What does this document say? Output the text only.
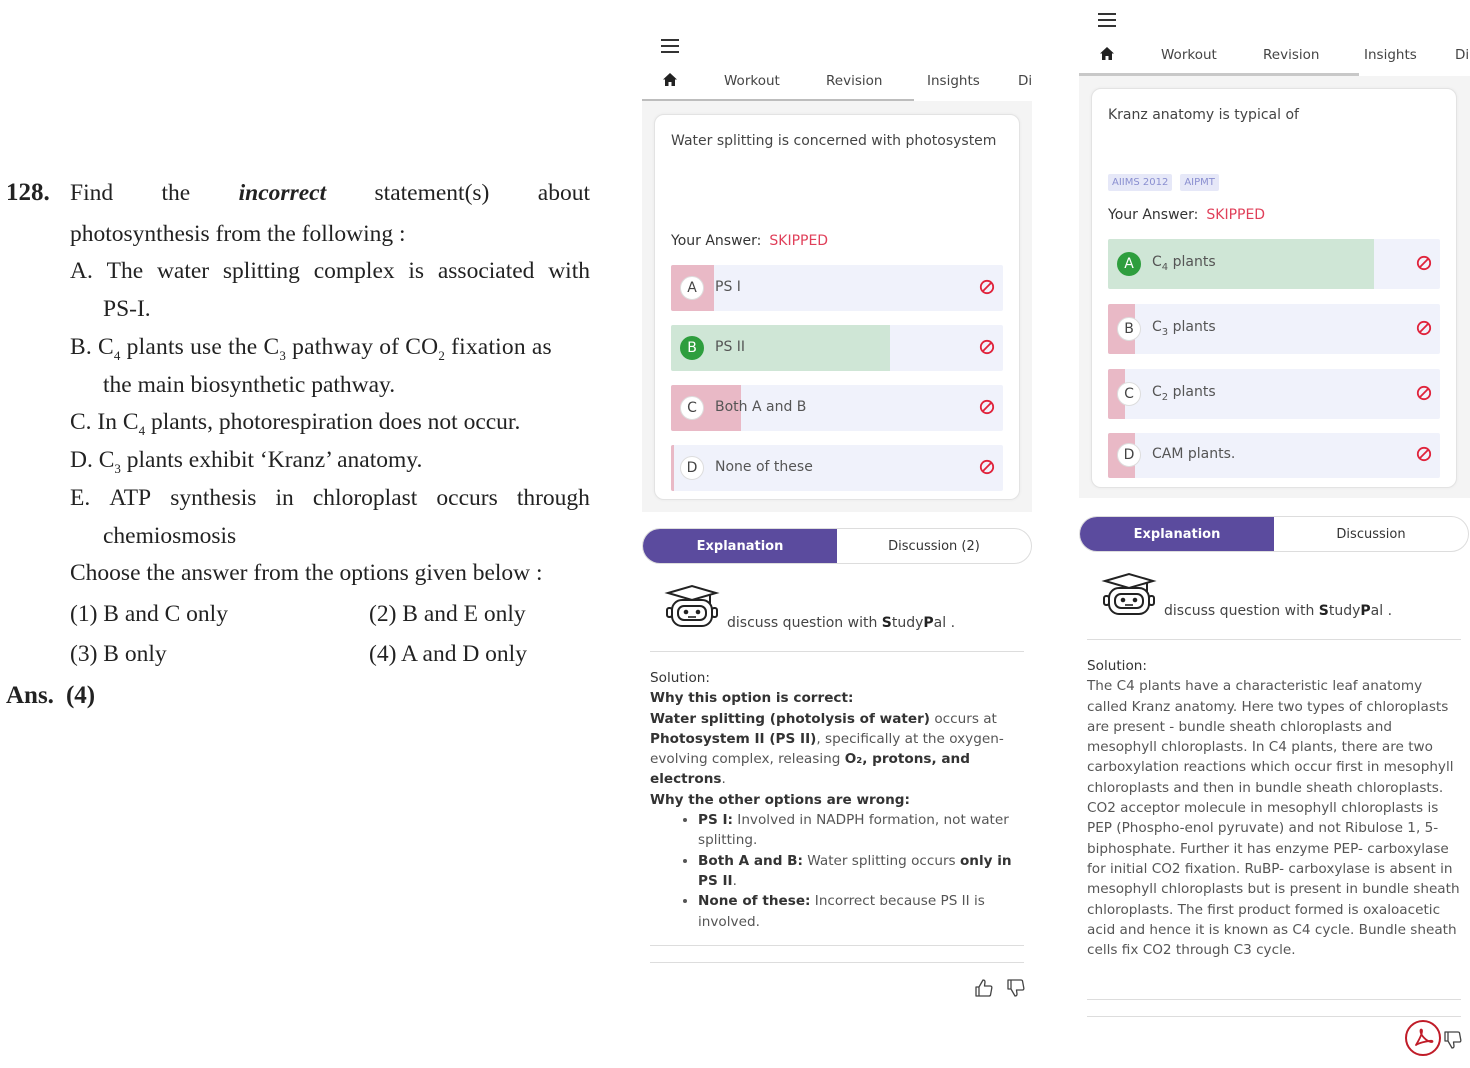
128. Find the incorrect statement(s) about
photosynthesis from the following :
A. The water splitting complex is associated with
PS-I.
B. $C_4$ plants use the $C_3$ pathway of $CO_2$ fixation as
the main biosynthetic pathway.
C. In $C_4$ plants, photorespiration does not occur.
D. $C_3$ plants exhibit ‘Kranz’ anatomy.
E. ATP synthesis in chloroplast occurs through
chemiosmosis
Choose the answer from the options given below :
(1) B and C only	(2) B and E only
(3) B only	(4) A and D only
Ans. (4)
Workout	Revision	Insights	Di
Water splitting is concerned with photosystem
Your Answer: SKIPPED
A	PS I
B	PS II
C	Both A and B
D	None of these
Explanation	Discussion (2)
discuss question with StudyPal .
Solution:
Why this option is correct:
Water splitting (photolysis of water) occurs at Photosystem II (PS II), specifically at the oxygen-evolving complex, releasing O₂, protons, and electrons.
Why the other options are wrong:
• PS I: Involved in NADPH formation, not water splitting.
• Both A and B: Water splitting occurs only in PS II.
• None of these: Incorrect because PS II is involved.
Workout	Revision	Insights	Di
Kranz anatomy is typical of
AIIMS 2012	AIPMT
Your Answer: SKIPPED
A	$C_4$ plants
B	$C_3$ plants
C	$C_2$ plants
D	CAM plants.
Explanation	Discussion
discuss question with StudyPal .
Solution:
The C4 plants have a characteristic leaf anatomy called Kranz anatomy. Here two types of chloroplasts are present - bundle sheath chloroplasts and mesophyll chloroplasts. In C4 plants, there are two carboxylation reactions which occur first in mesophyll chloroplasts and then in bundle sheath chloroplasts. CO2 acceptor molecule in mesophyll chloroplasts is PEP (Phospho-enol pyruvate) and not Ribulose 1, 5-biphosphate. Further it has enzyme PEP- carboxylase for initial CO2 fixation. RuBP- carboxylase is absent in mesophyll chloroplasts but is present in bundle sheath chloroplasts. The first product formed is oxaloacetic acid and hence it is known as C4 cycle. Bundle sheath cells fix CO2 through C3 cycle.
